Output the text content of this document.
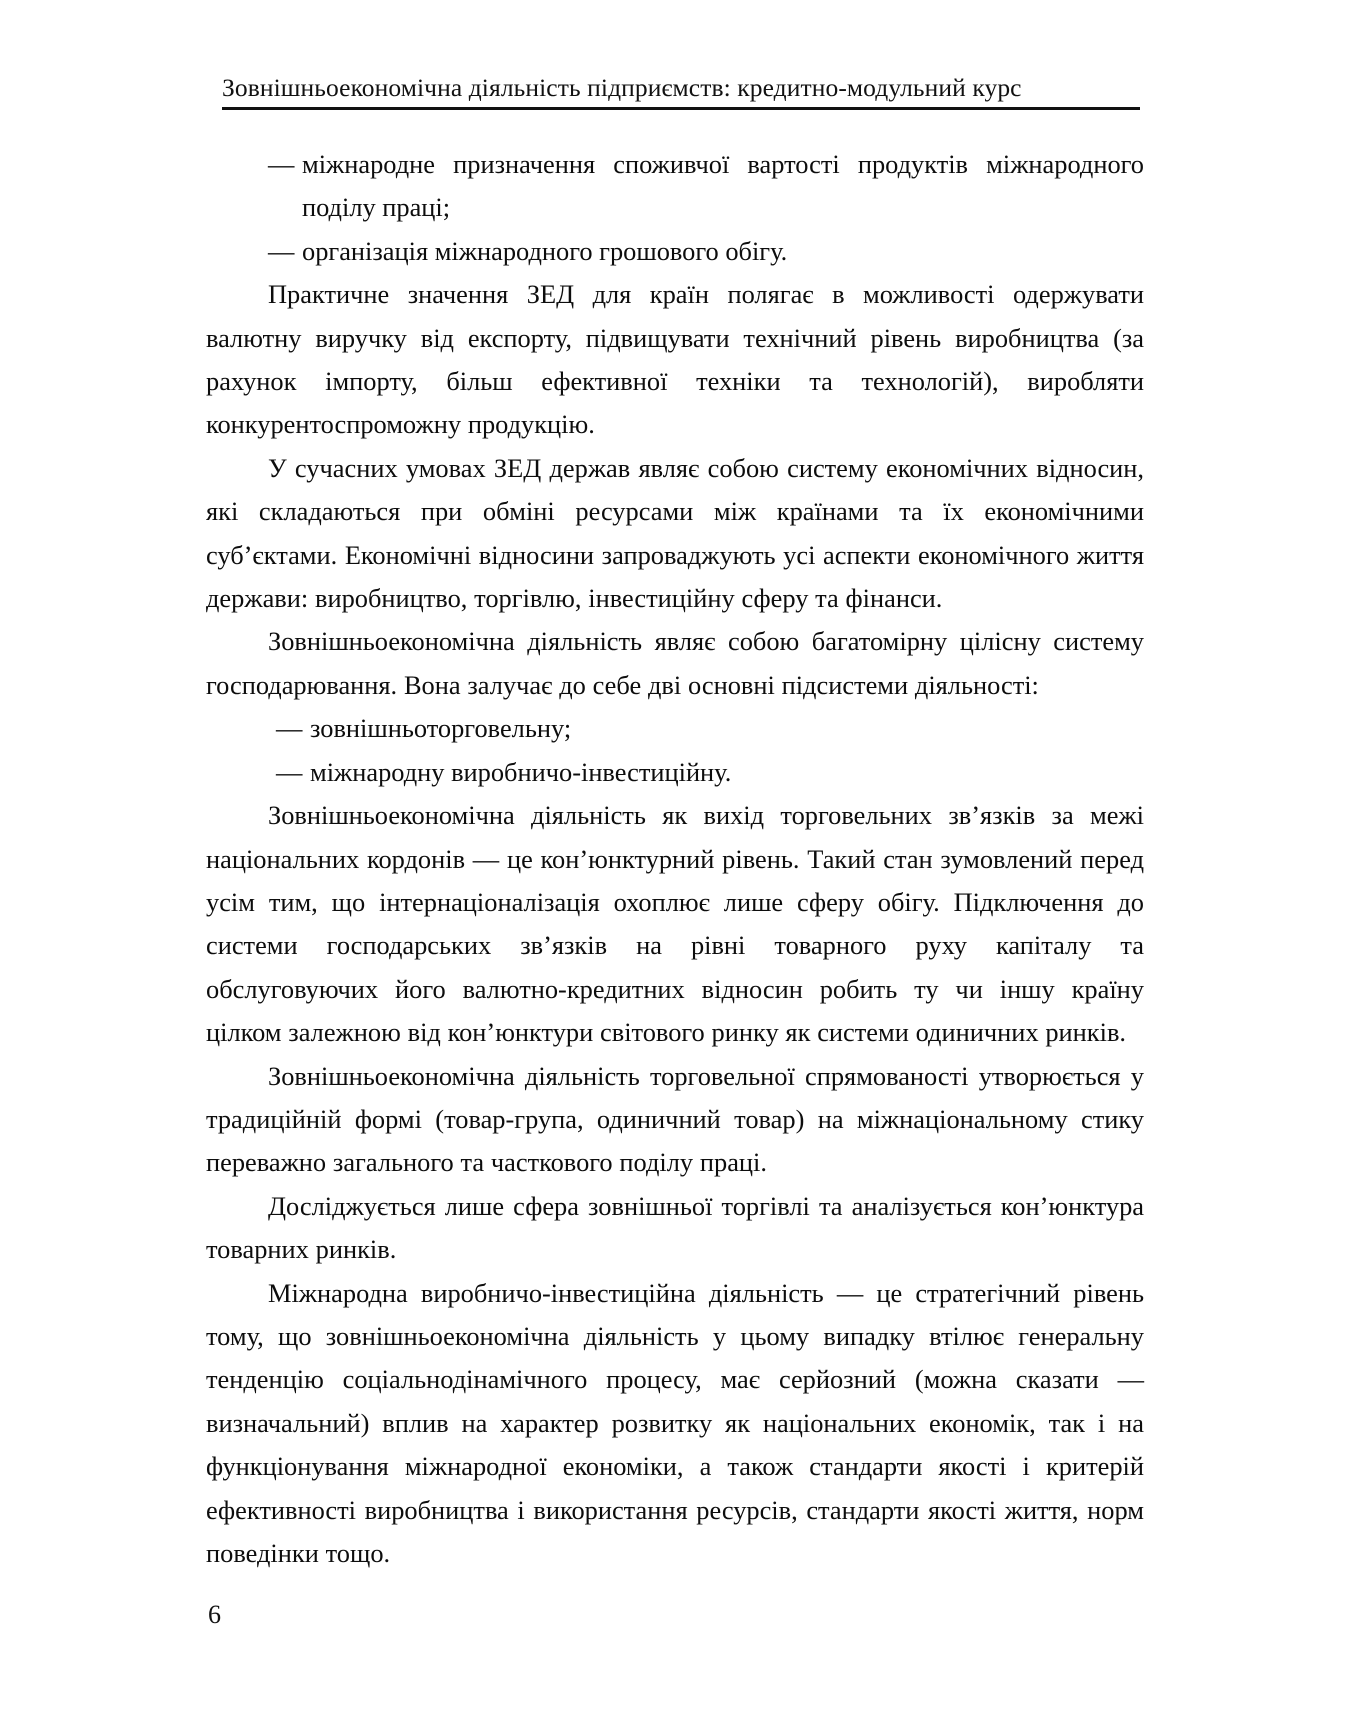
Зовнішньоекономічна діяльність підприємств: кредитно-модульний курс
— міжнародне призначення споживчої вартості продуктів міжнародного поділу праці;
— організація міжнародного грошового обігу.

Практичне значення ЗЕД для країн полягає в можливості одержувати валютну виручку від експорту, підвищувати технічний рівень виробництва (за рахунок імпорту, більш ефективної техніки та технологій), виробляти конкурентоспроможну продукцію.

У сучасних умовах ЗЕД держав являє собою систему економічних відносин, які складаються при обміні ресурсами між країнами та їх економічними суб’єктами. Економічні відносини запроваджують усі аспекти економічного життя держави: виробництво, торгівлю, інвестиційну сферу та фінанси.

Зовнішньоекономічна діяльність являє собою багатомірну цілісну систему господарювання. Вона залучає до себе дві основні підсистеми діяльності:

— зовнішньоторговельну;
— міжнародну виробничо-інвестиційну.

Зовнішньоекономічна діяльність як вихід торговельних зв’язків за межі національних кордонів — це кон’юнктурний рівень. Такий стан зумовлений перед усім тим, що інтернаціоналізація охоплює лише сферу обігу. Підключення до системи господарських зв’язків на рівні товарного руху капіталу та обслуговуючих його валютно-кредитних відносин робить ту чи іншу країну цілком залежною від кон’юнктури світового ринку як системи одиничних ринків.

Зовнішньоекономічна діяльність торговельної спрямованості утворюється у традиційній формі (товар-група, одиничний товар) на міжнаціональному стику переважно загального та часткового поділу праці.

Досліджується лише сфера зовнішньої торгівлі та аналізується кон’юнктура товарних ринків.

Міжнародна виробничо-інвестиційна діяльність — це стратегічний рівень тому, що зовнішньоекономічна діяльність у цьому випадку втілює генеральну тенденцію соціальнодінамічного процесу, має серйозний (можна сказати — визначальний) вплив на характер розвитку як національних економік, так і на функціонування міжнародної економіки, а також стандарти якості і критерій ефективності виробництва і використання ресурсів, стандарти якості життя, норм поведінки тощо.

6
